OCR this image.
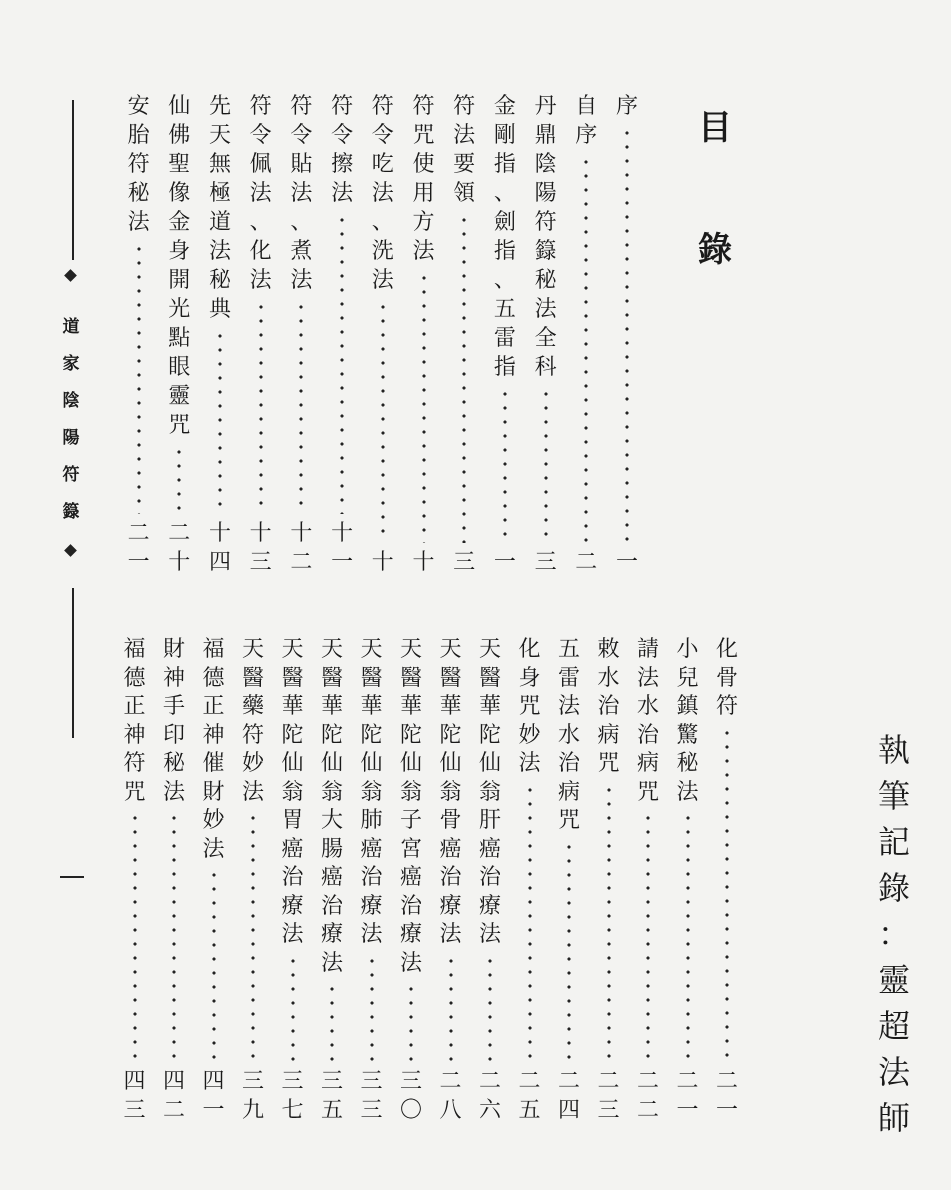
目
錄
道
家
陰
陽
符
籙
序
一
自
序
二
丹
鼎
陰
陽
符
籙
秘
法
全
科
三
金
剛
指
、
劍
指
、
五
雷
指
一
符
法
要
領
三
符
咒
使
用
方
法
十
符
令
吃
法
、
洗
法
十
符
令
擦
法
十
一
符
令
貼
法
、
煮
法
十
二
符
令
佩
法
、
化
法
十
三
先
天
無
極
道
法
秘
典
十
四
仙
佛
聖
像
金
身
開
光
點
眼
靈
咒
二
十
安
胎
符
秘
法
二
一
化
骨
符
二
一
小
兒
鎮
驚
秘
法
二
一
請
法
水
治
病
咒
二
二
敕
水
治
病
咒
二
三
五
雷
法
水
治
病
咒
二
四
化
身
咒
妙
法
二
五
天
醫
華
陀
仙
翁
肝
癌
治
療
法
二
六
天
醫
華
陀
仙
翁
骨
癌
治
療
法
二
八
天
醫
華
陀
仙
翁
子
宮
癌
治
療
法
三
〇
天
醫
華
陀
仙
翁
肺
癌
治
療
法
三
三
天
醫
華
陀
仙
翁
大
腸
癌
治
療
法
三
五
天
醫
華
陀
仙
翁
胃
癌
治
療
法
三
七
天
醫
藥
符
妙
法
三
九
福
德
正
神
催
財
妙
法
四
一
財
神
手
印
秘
法
四
二
福
德
正
神
符
咒
四
三
執
筆
記
錄
：
靈
超
法
師
